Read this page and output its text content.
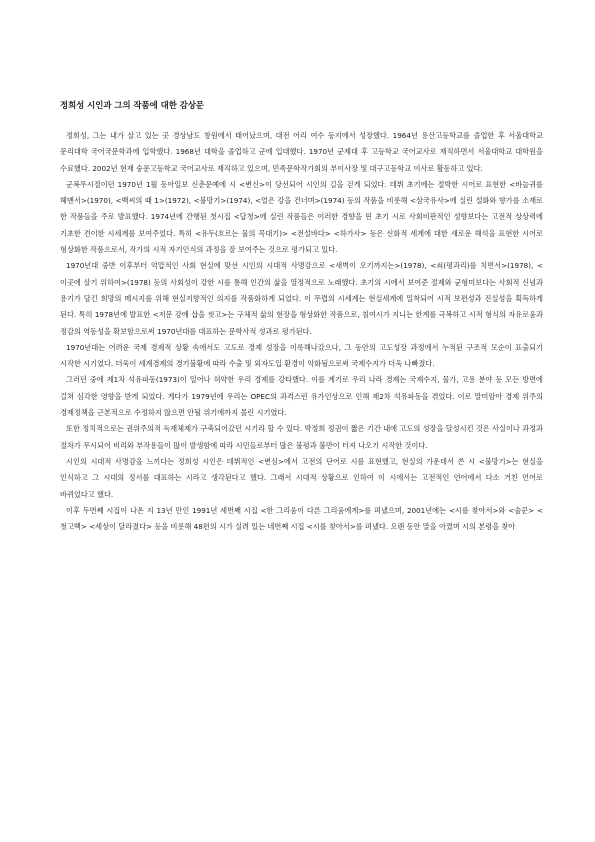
정희성 시인과 그의 작품에 대한 감상문

정희성, 그는 내가 살고 있는 곳 경상남도 창원에서 태어났으며, 대전 어리 여수 등지에서 성장했다. 1964년 용산고등학교를 졸업한 후 서울대학교 문리대학 국어국문학과에 입학했다. 1968년 대학을 졸업하고 군에 입대했다. 1970년 군제대 후 고등학교 국어교사로 재직하면서 서울대학교 대학원을 수료했다. 2002년 현재 숭문고등학교 국어교사로 재직하고 있으며, 민족문학작가회의 부이사장 및 대구고등학교 이사로 활동하고 있다.

군복무시절이던 1970년 1월 동아일보 신춘문예에 시 <변신>이 당선되어 시인의 길을 걷게 되었다. 데뷔 초기에는 절박한 시어로 표현한 <바늘귀를 헤맨서>(1970), <백씨의 때 1>(1972), <불망기>(1974), <얼은 강을 건너며>(1974) 등의 작품을 비롯해 <삼국유사>에 실린 설화와 향가를 소재로 한 작품들을 주로 발표했다. 1974년에 간행된 첫시집 <답청>에 실린 작품들은 이러한 경향을 띤 초기 시로 사회비판적인 성향보다는 고전적 상상력에 기초한 견이한 시세계를 보여주었다. 특히 <유두(흐르는 물의 꼭대기)> <전설바다> <하가사> 등은 신화적 세계에 대한 새로운 해석을 표현한 시어로 형상화한 작품으로서, 작가의 시적 자기인식의 과정을 잘 보여주는 것으로 평가되고 있다.

1970년대 중반 이후부터 억압적인 사회 현실에 맞선 시인의 시대적 사명감으로 <새벽이 오기까지는>(1978), <쇠(평과리)를 치면서>(1978), <이곳에 살기 위하여>(1978) 등의 사회성이 강한 시를 통해 인간의 삶을 열정적으로 노래했다. 초기의 시에서 보여준 절제와 균형미보다는 사회적 신념과 용기가 담긴 희망의 메시지를 위해 현실지향적인 의지를 작품화하게 되었다. 이 무렵의 시세계는 현실세계에 밀착되어 시적 보편성과 진실성을 획득하게 된다. 특히 1978년에 발표한 <저문 강에 삽을 씻고>는 구체적 삶의 현장을 형상화한 작품으로, 침여시가 지니는 한계를 극복하고 시적 형식의 자유로움과 정감의 역동성을 확보함으로써 1970년대를 대표하는 문학사적 성과로 평가된다.

1970년대는 어려운 국제 경제적 상황 속에서도 고도로 경제 성장을 이룩해나갔으나, 그 동안의 고도성장 과정에서 누적된 구조적 모순이 표출되기 시작한 시기였다. 더욱이 세계경제의 경기불황에 따라 수출 및 외자도입 환경이 악화됨으로써 국제수지가 더욱 나빠졌다.

그러던 중에 제1차 석유파동(1973)이 일어나 허약한 우리 경제를 강타했다. 이를 계기로 우리 나라 경제는 국제수지, 물가, 고용 분야 등 모든 방면에 걸쳐 심각한 영향을 받게 되었다. 게다가 1979년에 우리는 OPEC의 과격스런 유가인상으로 인해 제2차 석유파동을 겪었다. 이로 말미암아 경제 위주의 경제정책을 근본적으로 수정하지 않으면 안될 위기에까지 몰린 시기였다.

또한 정치적으로는 권위주의적 독재체제가 구축되어갔던 시기라 할 수 있다. 박정희 정권이 짧은 기간 내에 고도의 성장을 달성시킨 것은 사실이나 과정과 절차가 무시되어 비리와 부작용들이 많이 발생함에 따라 시민들로부터 많은 불평과 불만이 터져 나오기 시작한 것이다.

시인의 시대적 사명감을 느끼다는 정희성 시인은 데뷔적인 <변심>에서 고전의 단어로 시를 표현했고, 현실의 가운데서 쓴 시 <불망기>는 현실을 인식하고 그 시대의 정서를 대표하는 시라고 생각된다고 했다. 그래서 시대적 상황으로 인하여 이 시에서는 고전적인 언어에서 다소 거친 언어로 바뀌었다고 했다.

이후 두번째 시집이 나온 지 13년 만인 1991년 세번째 시집 <한 그리움이 다른 그리움에게>를 펴냈으며, 2001년에는 <시를 찾아서>와 <술꾼> <첫고백> <세상이 달라졌다> 등을 비롯해 48편의 시가 실려 있는 네번째 시집 <시를 찾아서>를 펴냈다. 오랜 동안 말을 아꼈며 시의 본령을 찾아
